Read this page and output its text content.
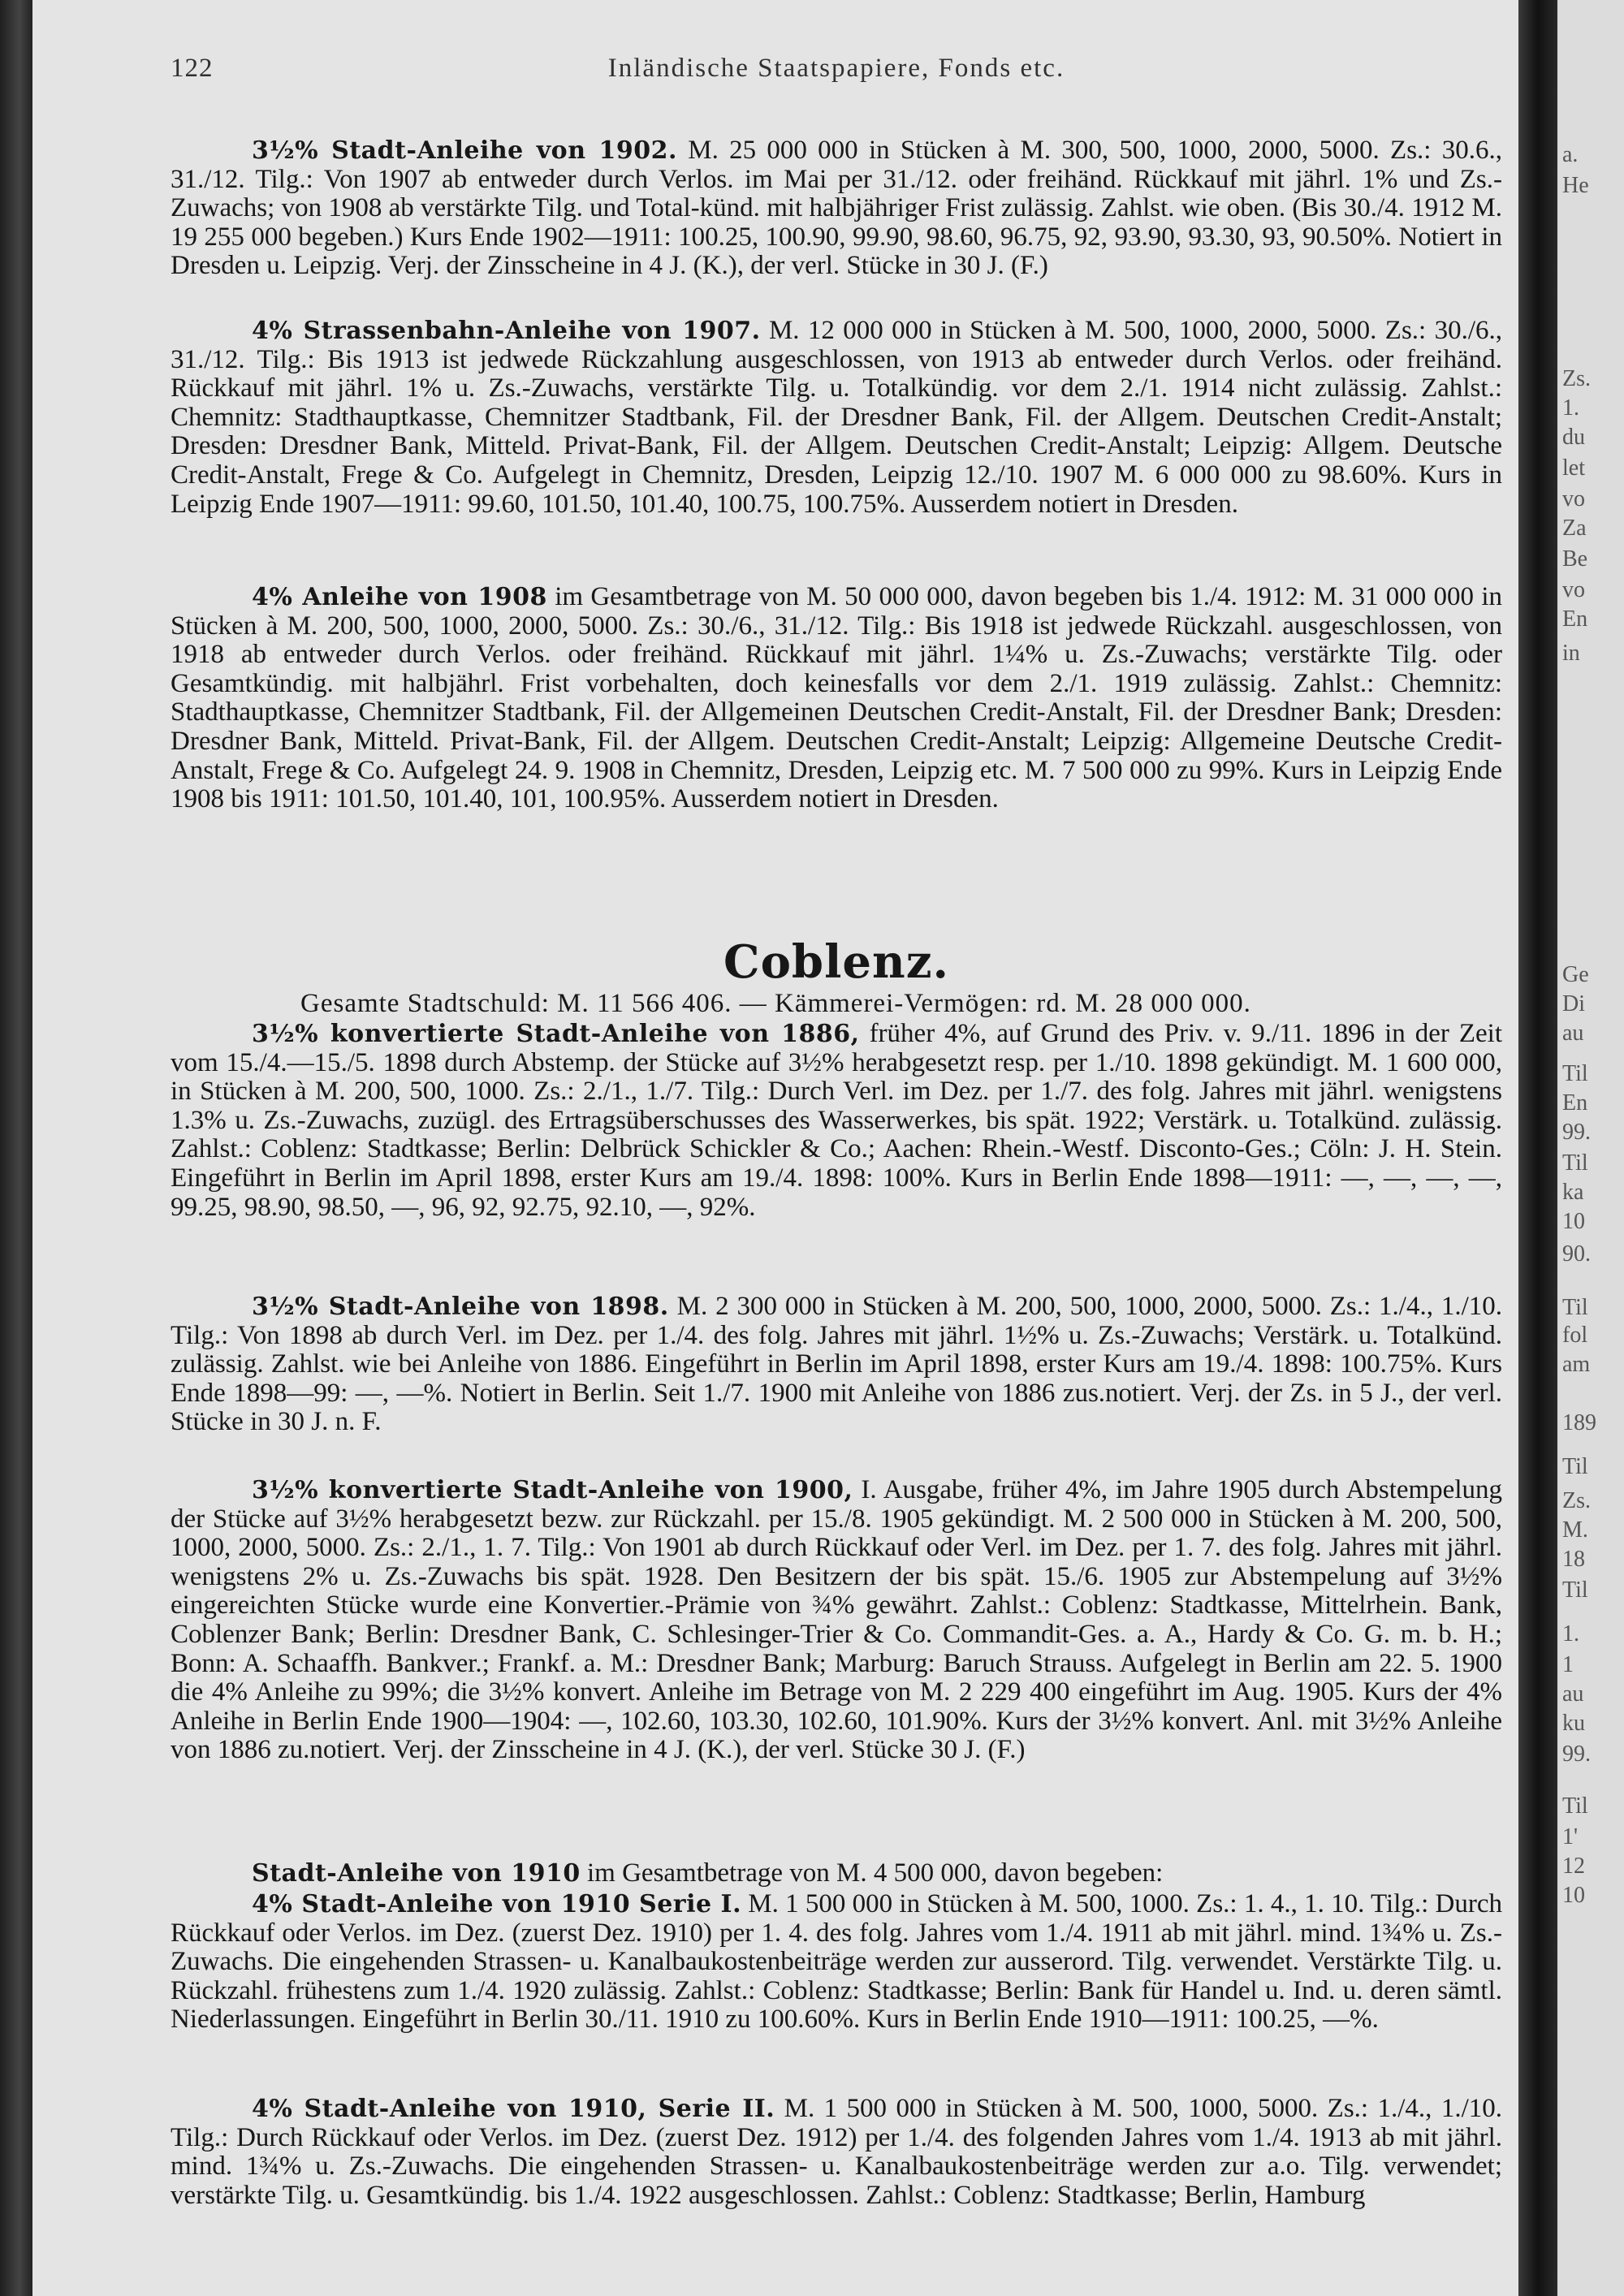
122	Inländische Staatspapiere, Fonds etc.
3½% Stadt-Anleihe von 1902. M. 25 000 000 in Stücken à M. 300, 500, 1000, 2000, 5000. Zs.: 30.6., 31./12. Tilg.: Von 1907 ab entweder durch Verlos. im Mai per 31./12. oder freihänd. Rückkauf mit jährl. 1% und Zs.-Zuwachs; von 1908 ab verstärkte Tilg. und Total-künd. mit halbjähriger Frist zulässig. Zahlst. wie oben. (Bis 30./4. 1912 M. 19 255 000 begeben.) Kurs Ende 1902—1911: 100.25, 100.90, 99.90, 98.60, 96.75, 92, 93.90, 93.30, 93, 90.50%. Notiert in Dresden u. Leipzig. Verj. der Zinsscheine in 4 J. (K.), der verl. Stücke in 30 J. (F.)
4% Strassenbahn-Anleihe von 1907. M. 12 000 000 in Stücken à M. 500, 1000, 2000, 5000. Zs.: 30./6., 31./12. Tilg.: Bis 1913 ist jedwede Rückzahlung ausgeschlossen, von 1913 ab entweder durch Verlos. oder freihänd. Rückkauf mit jährl. 1% u. Zs.-Zuwachs, verstärkte Tilg. u. Totalkündig. vor dem 2./1. 1914 nicht zulässig. Zahlst.: Chemnitz: Stadthauptkasse, Chemnitzer Stadtbank, Fil. der Dresdner Bank, Fil. der Allgem. Deutschen Credit-Anstalt; Dresden: Dresdner Bank, Mitteld. Privat-Bank, Fil. der Allgem. Deutschen Credit-Anstalt; Leipzig: Allgem. Deutsche Credit-Anstalt, Frege & Co. Aufgelegt in Chemnitz, Dresden, Leipzig 12./10. 1907 M. 6 000 000 zu 98.60%. Kurs in Leipzig Ende 1907—1911: 99.60, 101.50, 101.40, 100.75, 100.75%. Ausserdem notiert in Dresden.
4% Anleihe von 1908 im Gesamtbetrage von M. 50 000 000, davon begeben bis 1./4. 1912: M. 31 000 000 in Stücken à M. 200, 500, 1000, 2000, 5000. Zs.: 30./6., 31./12. Tilg.: Bis 1918 ist jedwede Rückzahl. ausgeschlossen, von 1918 ab entweder durch Verlos. oder freihänd. Rückkauf mit jährl. 1¼% u. Zs.-Zuwachs; verstärkte Tilg. oder Gesamtkündig. mit halbjährl. Frist vorbehalten, doch keinesfalls vor dem 2./1. 1919 zulässig. Zahlst.: Chemnitz: Stadthauptkasse, Chemnitzer Stadtbank, Fil. der Allgemeinen Deutschen Credit-Anstalt, Fil. der Dresdner Bank; Dresden: Dresdner Bank, Mitteld. Privat-Bank, Fil. der Allgem. Deutschen Credit-Anstalt; Leipzig: Allgemeine Deutsche Credit-Anstalt, Frege & Co. Aufgelegt 24. 9. 1908 in Chemnitz, Dresden, Leipzig etc. M. 7 500 000 zu 99%. Kurs in Leipzig Ende 1908 bis 1911: 101.50, 101.40, 101, 100.95%. Ausserdem notiert in Dresden.
Coblenz.
Gesamte Stadtschuld: M. 11 566 406. — Kämmerei-Vermögen: rd. M. 28 000 000.
3½% konvertierte Stadt-Anleihe von 1886, früher 4%, auf Grund des Priv. v. 9./11. 1896 in der Zeit vom 15./4.—15./5. 1898 durch Abstemp. der Stücke auf 3½% herabgesetzt resp. per 1./10. 1898 gekündigt. M. 1 600 000, in Stücken à M. 200, 500, 1000. Zs.: 2./1., 1./7. Tilg.: Durch Verl. im Dez. per 1./7. des folg. Jahres mit jährl. wenigstens 1.3% u. Zs.-Zuwachs, zuzügl. des Ertragsüberschusses des Wasserwerkes, bis spät. 1922; Verstärk. u. Totalkünd. zulässig. Zahlst.: Coblenz: Stadtkasse; Berlin: Delbrück Schickler & Co.; Aachen: Rhein.-Westf. Disconto-Ges.; Cöln: J. H. Stein. Eingeführt in Berlin im April 1898, erster Kurs am 19./4. 1898: 100%. Kurs in Berlin Ende 1898—1911: —, —, —, —, 99.25, 98.90, 98.50, —, 96, 92, 92.75, 92.10, —, 92%.
3½% Stadt-Anleihe von 1898. M. 2 300 000 in Stücken à M. 200, 500, 1000, 2000, 5000. Zs.: 1./4., 1./10. Tilg.: Von 1898 ab durch Verl. im Dez. per 1./4. des folg. Jahres mit jährl. 1½% u. Zs.-Zuwachs; Verstärk. u. Totalkünd. zulässig. Zahlst. wie bei Anleihe von 1886. Eingeführt in Berlin im April 1898, erster Kurs am 19./4. 1898: 100.75%. Kurs Ende 1898—99: —, —%. Notiert in Berlin. Seit 1./7. 1900 mit Anleihe von 1886 zus.notiert. Verj. der Zs. in 5 J., der verl. Stücke in 30 J. n. F.
3½% konvertierte Stadt-Anleihe von 1900, I. Ausgabe, früher 4%, im Jahre 1905 durch Abstempelung der Stücke auf 3½% herabgesetzt bezw. zur Rückzahl. per 15./8. 1905 gekündigt. M. 2 500 000 in Stücken à M. 200, 500, 1000, 2000, 5000. Zs.: 2./1., 1. 7. Tilg.: Von 1901 ab durch Rückkauf oder Verl. im Dez. per 1. 7. des folg. Jahres mit jährl. wenigstens 2% u. Zs.-Zuwachs bis spät. 1928. Den Besitzern der bis spät. 15./6. 1905 zur Abstempelung auf 3½% eingereichten Stücke wurde eine Konvertier.-Prämie von ¾% gewährt. Zahlst.: Coblenz: Stadtkasse, Mittelrhein. Bank, Coblenzer Bank; Berlin: Dresdner Bank, C. Schlesinger-Trier & Co. Commandit-Ges. a. A., Hardy & Co. G. m. b. H.; Bonn: A. Schaaffh. Bankver.; Frankf. a. M.: Dresdner Bank; Marburg: Baruch Strauss. Aufgelegt in Berlin am 22. 5. 1900 die 4% Anleihe zu 99%; die 3½% konvert. Anleihe im Betrage von M. 2 229 400 eingeführt im Aug. 1905. Kurs der 4% Anleihe in Berlin Ende 1900—1904: —, 102.60, 103.30, 102.60, 101.90%. Kurs der 3½% konvert. Anl. mit 3½% Anleihe von 1886 zu.notiert. Verj. der Zinsscheine in 4 J. (K.), der verl. Stücke 30 J. (F.)
Stadt-Anleihe von 1910 im Gesamtbetrage von M. 4 500 000, davon begeben:
4% Stadt-Anleihe von 1910 Serie I. M. 1 500 000 in Stücken à M. 500, 1000. Zs.: 1. 4., 1. 10. Tilg.: Durch Rückkauf oder Verlos. im Dez. (zuerst Dez. 1910) per 1. 4. des folg. Jahres vom 1./4. 1911 ab mit jährl. mind. 1¾% u. Zs.-Zuwachs. Die eingehenden Strassen- u. Kanalbaukostenbeiträge werden zur ausserord. Tilg. verwendet. Verstärkte Tilg. u. Rückzahl. frühestens zum 1./4. 1920 zulässig. Zahlst.: Coblenz: Stadtkasse; Berlin: Bank für Handel u. Ind. u. deren sämtl. Niederlassungen. Eingeführt in Berlin 30./11. 1910 zu 100.60%. Kurs in Berlin Ende 1910—1911: 100.25, —%.
4% Stadt-Anleihe von 1910, Serie II. M. 1 500 000 in Stücken à M. 500, 1000, 5000. Zs.: 1./4., 1./10. Tilg.: Durch Rückkauf oder Verlos. im Dez. (zuerst Dez. 1912) per 1./4. des folgenden Jahres vom 1./4. 1913 ab mit jährl. mind. 1¾% u. Zs.-Zuwachs. Die eingehenden Strassen- u. Kanalbaukostenbeiträge werden zur a.o. Tilg. verwendet; verstärkte Tilg. u. Gesamtkündig. bis 1./4. 1922 ausgeschlossen. Zahlst.: Coblenz: Stadtkasse; Berlin, Hamburg
a.
He
Zs.
1.
du
let
vo
Za
Be
vo
En
in
Ge
Di
au
Til
En
99.
Til
ka
10
90.
Til
fol
am
189
Til
Zs.
M.
18
Til
1.
1
au
ku
99.
Til
1'
12
10
